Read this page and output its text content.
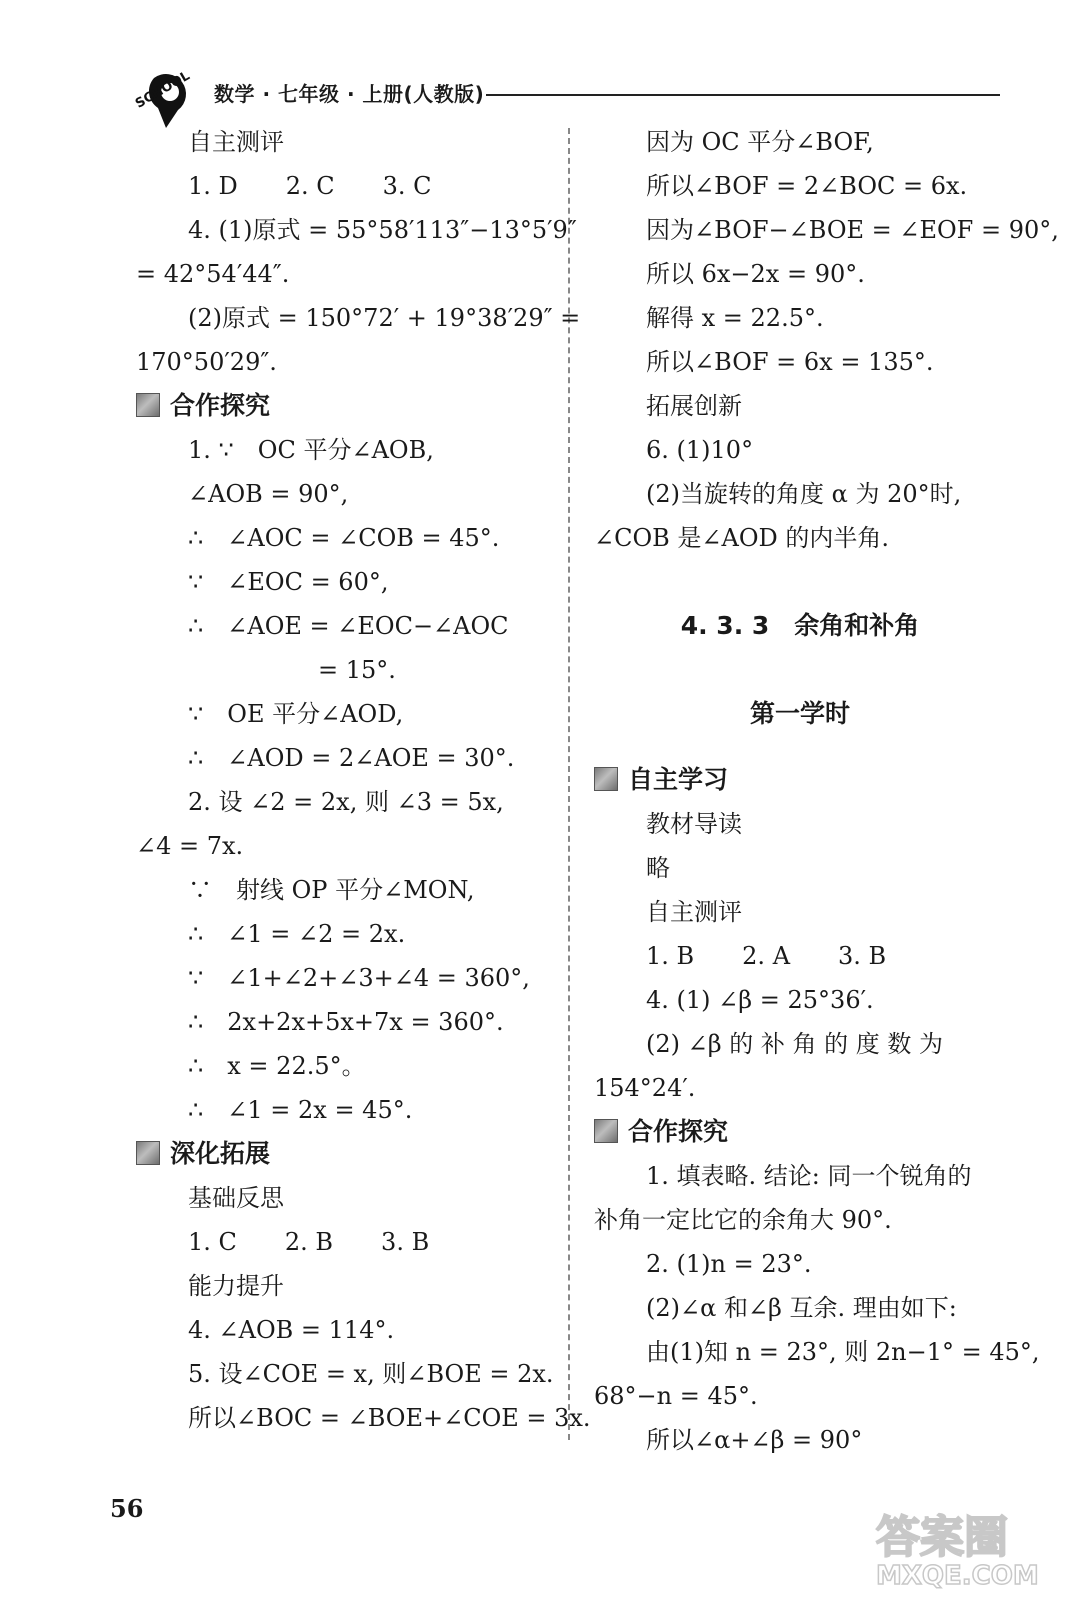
SCHOOL 数学 · 七年级 · 上册(人教版)
自主测评
1. D　　2. C　　3. C
4. (1)原式 = 55°58′113″−13°5′9″
= 42°54′44″.
(2)原式 = 150°72′ + 19°38′29″ =
170°50′29″.
合作探究
1. ∵　OC 平分∠AOB,
∠AOB = 90°,
∴　∠AOC = ∠COB = 45°.
∵　∠EOC = 60°,
∴　∠AOE = ∠EOC−∠AOC
= 15°.
∵　OE 平分∠AOD,
∴　∠AOD = 2∠AOE = 30°.
2. 设 ∠2 = 2x, 则 ∠3 = 5x,
∠4 = 7x.
∵　射线 OP 平分∠MON,
∴　∠1 = ∠2 = 2x.
∵　∠1+∠2+∠3+∠4 = 360°,
∴　2x+2x+5x+7x = 360°.
∴　x = 22.5°。
∴　∠1 = 2x = 45°.
深化拓展
基础反思
1. C　　2. B　　3. B
能力提升
4. ∠AOB = 114°.
5. 设∠COE = x, 则∠BOE = 2x.
所以∠BOC = ∠BOE+∠COE = 3x.
因为 OC 平分∠BOF,
所以∠BOF = 2∠BOC = 6x.
因为∠BOF−∠BOE = ∠EOF = 90°,
所以 6x−2x = 90°.
解得 x = 22.5°.
所以∠BOF = 6x = 135°.
拓展创新
6. (1)10°
(2)当旋转的角度 α 为 20°时,
∠COB 是∠AOD 的内半角.
4. 3. 3　余角和补角
第一学时
自主学习
教材导读
略
自主测评
1. B　　2. A　　3. B
4. (1) ∠β = 25°36′.
(2) ∠β 的 补 角 的 度 数 为
154°24′.
合作探究
1. 填表略. 结论: 同一个锐角的
补角一定比它的余角大 90°.
2. (1)n = 23°.
(2)∠α 和∠β 互余. 理由如下:
由(1)知 n = 23°, 则 2n−1° = 45°,
68°−n = 45°.
所以∠α+∠β = 90°
56
答案圈
MXQE.COM
